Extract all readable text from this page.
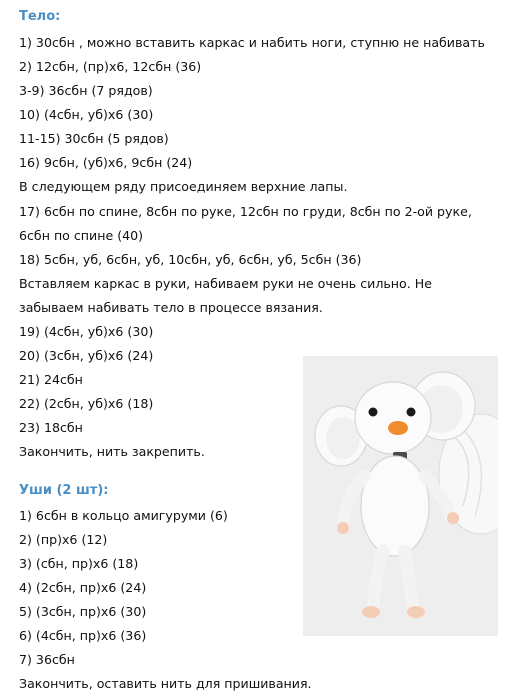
Тело:
1) 30сбн , можно вставить каркас и набить ноги, ступню не набивать
2) 12сбн, (пр)х6, 12сбн (36)
3-9) 36сбн (7 рядов)
10) (4сбн, уб)х6 (30)
11-15) 30сбн (5 рядов)
16) 9сбн, (уб)х6, 9сбн (24)
В следующем ряду присоединяем верхние лапы.
17) 6сбн по спине, 8сбн по руке, 12сбн по груди, 8сбн по 2-ой руке,
6сбн по спине (40)
18) 5сбн, уб, 6сбн, уб, 10сбн, уб, 6сбн, уб, 5сбн (36)
Вставляем каркас в руки, набиваем руки не очень сильно. Не
забываем набивать тело в процессе вязания.
19) (4сбн, уб)х6 (30)
20) (3сбн, уб)х6 (24)
21) 24сбн
22) (2сбн, уб)х6 (18)
23) 18сбн
Закончить, нить закрепить.
Уши (2 шт):
1) 6сбн в кольцо амигуруми (6)
2) (пр)х6 (12)
3) (сбн, пр)х6 (18)
4) (2сбн, пр)х6 (24)
5) (3сбн, пр)х6 (30)
6) (4сбн, пр)х6 (36)
7) 36сбн
Закончить, оставить нить для пришивания.
